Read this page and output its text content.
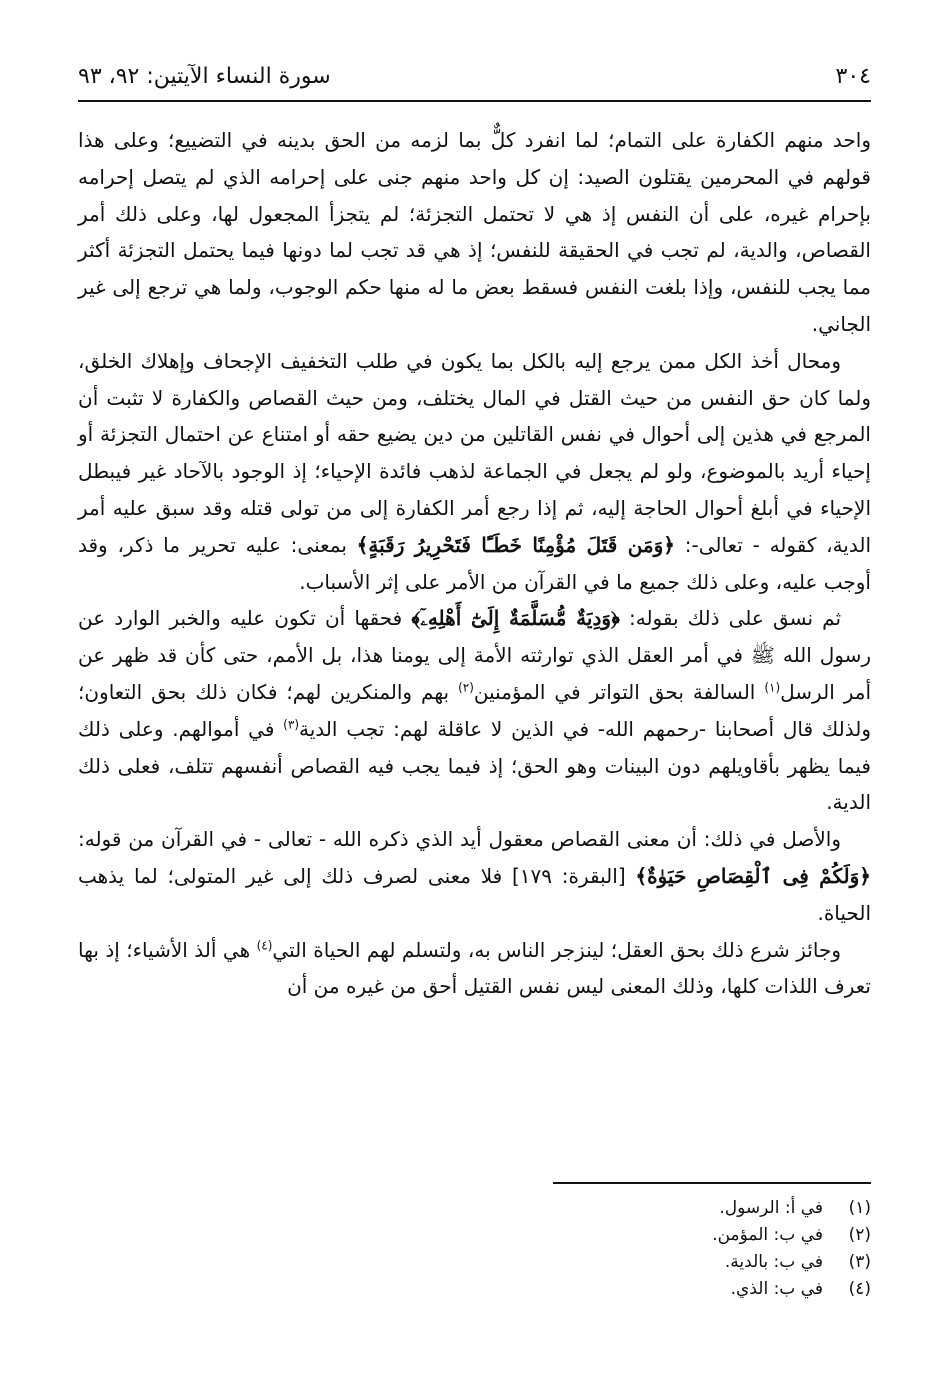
٣٠٤
سورة النساء الآيتين: ٩٢، ٩٣

واحد منهم الكفارة على التمام؛ لما انفرد كلٌّ بما لزمه من الحق بدينه في التضييع؛ وعلى هذا قولهم في المحرمين يقتلون الصيد: إن كل واحد منهم جنى على إحرامه الذي لم يتصل إحرامه بإحرام غيره، على أن النفس إذ هي لا تحتمل التجزئة؛ لم يتجزأ المجعول لها، وعلى ذلك أمر القصاص، والدية، لم تجب في الحقيقة للنفس؛ إذ هي قد تجب لما دونها فيما يحتمل التجزئة أكثر مما يجب للنفس، وإذا بلغت النفس فسقط بعض ما له منها حكم الوجوب، ولما هي ترجع إلى غير الجاني.

ومحال أخذ الكل ممن يرجع إليه بالكل بما يكون في طلب التخفيف الإجحاف وإهلاك الخلق، ولما كان حق النفس من حيث القتل في المال يختلف، ومن حيث القصاص والكفارة لا تثبت أن المرجع في هذين إلى أحوال في نفس القاتلين من دين يضيع حقه أو امتناع عن احتمال التجزئة أو إحياء أريد بالموضوع، ولو لم يجعل في الجماعة لذهب فائدة الإحياء؛ إذ الوجود بالآحاد غير فيبطل الإحياء في أبلغ أحوال الحاجة إليه، ثم إذا رجع أمر الكفارة إلى من تولى قتله وقد سبق عليه أمر الدية، كقوله - تعالى-: ﴿وَمَن قَتَلَ مُؤْمِنًا خَطَـًٔا فَتَحْرِيرُ رَقَبَةٍ﴾ بمعنى: عليه تحرير ما ذكر، وقد أوجب عليه، وعلى ذلك جميع ما في القرآن من الأمر على إثر الأسباب.

ثم نسق على ذلك بقوله: ﴿وَدِيَةٌ مُّسَلَّمَةٌ إِلَىٰٓ أَهْلِهِۦٓ﴾ فحقها أن تكون عليه والخبر الوارد عن رسول الله ﷺ في أمر العقل الذي توارثته الأمة إلى يومنا هذا، بل الأمم، حتى كأن قد ظهر عن أمر الرسل$^{(١)}$ السالفة بحق التواتر في المؤمنين$^{(٢)}$ بهم والمنكرين لهم؛ فكان ذلك بحق التعاون؛ ولذلك قال أصحابنا -رحمهم الله- في الذين لا عاقلة لهم: تجب الدية$^{(٣)}$ في أموالهم. وعلى ذلك فيما يظهر بأقاويلهم دون البينات وهو الحق؛ إذ فيما يجب فيه القصاص أنفسهم تتلف، فعلى ذلك الدية.

والأصل في ذلك: أن معنى القصاص معقول أيد الذي ذكره الله - تعالى - في القرآن من قوله: ﴿وَلَكُمْ فِى ٱلْقِصَاصِ حَيَوٰةٌ﴾ [البقرة: ١٧٩] فلا معنى لصرف ذلك إلى غير المتولى؛ لما يذهب الحياة.

وجائز شرع ذلك بحق العقل؛ لينزجر الناس به، ولتسلم لهم الحياة التي$^{(٤)}$ هي ألذ الأشياء؛ إذ بها تعرف اللذات كلها، وذلك المعنى ليس نفس القتيل أحق من غيره من أن

(١)
في أ: الرسول.
(٢)
في ب: المؤمن.
(٣)
في ب: بالدية.
(٤)
في ب: الذي.
